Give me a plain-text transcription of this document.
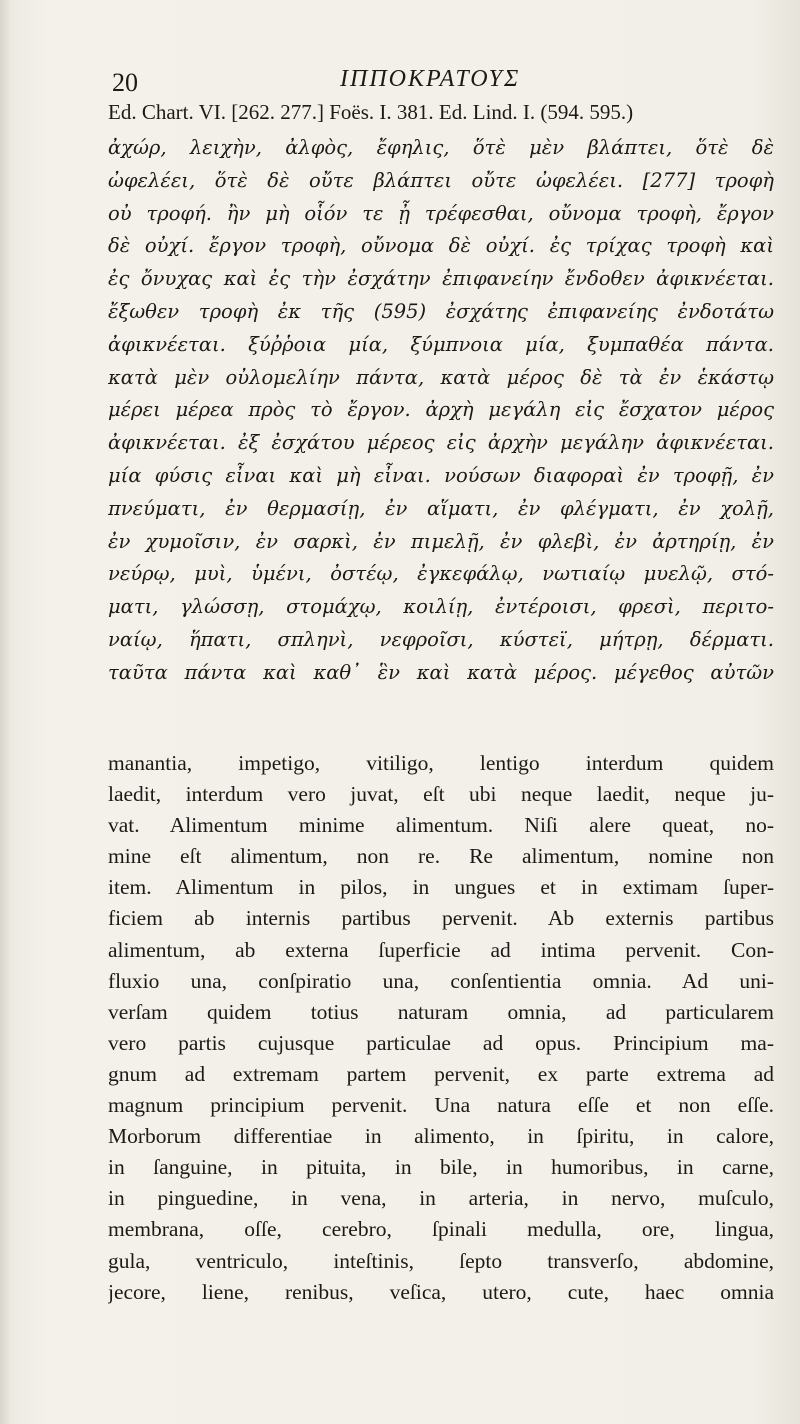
20	ΙΠΠΟΚΡΑΤΟΥΣ
Ed. Chart. VI. [262. 277.] Foës. I. 381. Ed. Lind. I. (594. 595.)
ἀχώρ, λειχὴν, ἀλφὸς, ἔφηλις, ὅτὲ μὲν βλάπτει, ὅτὲ δὲ
ὠφελέει, ὅτὲ δὲ οὔτε βλάπτει οὔτε ὠφελέει. [277] τροφὴ
οὐ τροφή. ἢν μὴ οἷόν τε ᾖ τρέφεσθαι, οὔνομα τροφὴ, ἔργον
δὲ οὐχί. ἔργον τροφὴ, οὔνομα δὲ οὐχί. ἐς τρίχας τροφὴ καὶ
ἐς ὄνυχας καὶ ἐς τὴν ἐσχάτην ἐπιφανείην ἔνδοθεν ἀφικνέεται.
ἔξωθεν τροφὴ ἐκ τῆς (595) ἐσχάτης ἐπιφανείης ἐνδοτάτω
ἀφικνέεται. ξύῤῥοια μία, ξύμπνοια μία, ξυμπαθέα πάντα.
κατὰ μὲν οὐλομελίην πάντα, κατὰ μέρος δὲ τὰ ἐν ἑκάστῳ
μέρει μέρεα πρὸς τὸ ἔργον. ἀρχὴ μεγάλη εἰς ἔσχατον μέρος
ἀφικνέεται. ἐξ ἐσχάτου μέρεος εἰς ἀρχὴν μεγάλην ἀφικνέεται.
μία φύσις εἶναι καὶ μὴ εἶναι. νούσων διαφοραὶ ἐν τροφῇ, ἐν
πνεύματι, ἐν θερμασίῃ, ἐν αἵματι, ἐν φλέγματι, ἐν χολῇ,
ἐν χυμοῖσιν, ἐν σαρκὶ, ἐν πιμελῇ, ἐν φλεβὶ, ἐν ἀρτηρίῃ, ἐν
νεύρῳ, μυὶ, ὑμένι, ὀστέῳ, ἐγκεφάλῳ, νωτιαίῳ μυελῷ, στό-
ματι, γλώσσῃ, στομάχῳ, κοιλίῃ, ἐντέροισι, φρεσὶ, περιτο-
ναίῳ, ἥπατι, σπληνὶ, νεφροῖσι, κύστεϊ, μήτρῃ, δέρματι.
ταῦτα πάντα καὶ καθ᾽ ἓν καὶ κατὰ μέρος. μέγεθος αὐτῶν
manantia, impetigo, vitiligo, lentigo interdum quidem
laedit, interdum vero juvat, eſt ubi neque laedit, neque ju-
vat. Alimentum minime alimentum. Niſi alere queat, no-
mine eſt alimentum, non re. Re alimentum, nomine non
item. Alimentum in pilos, in ungues et in extimam ſuper-
ficiem ab internis partibus pervenit. Ab externis partibus
alimentum, ab externa ſuperficie ad intima pervenit. Con-
fluxio una, conſpiratio una, conſentientia omnia. Ad uni-
verſam quidem totius naturam omnia, ad particularem
vero partis cujusque particulae ad opus. Principium ma-
gnum ad extremam partem pervenit, ex parte extrema ad
magnum principium pervenit. Una natura eſſe et non eſſe.
Morborum differentiae in alimento, in ſpiritu, in calore,
in ſanguine, in pituita, in bile, in humoribus, in carne,
in pinguedine, in vena, in arteria, in nervo, muſculo,
membrana, oſſe, cerebro, ſpinali medulla, ore, lingua,
gula, ventriculo, inteſtinis, ſepto transverſo, abdomine,
jecore, liene, renibus, veſica, utero, cute, haec omnia
